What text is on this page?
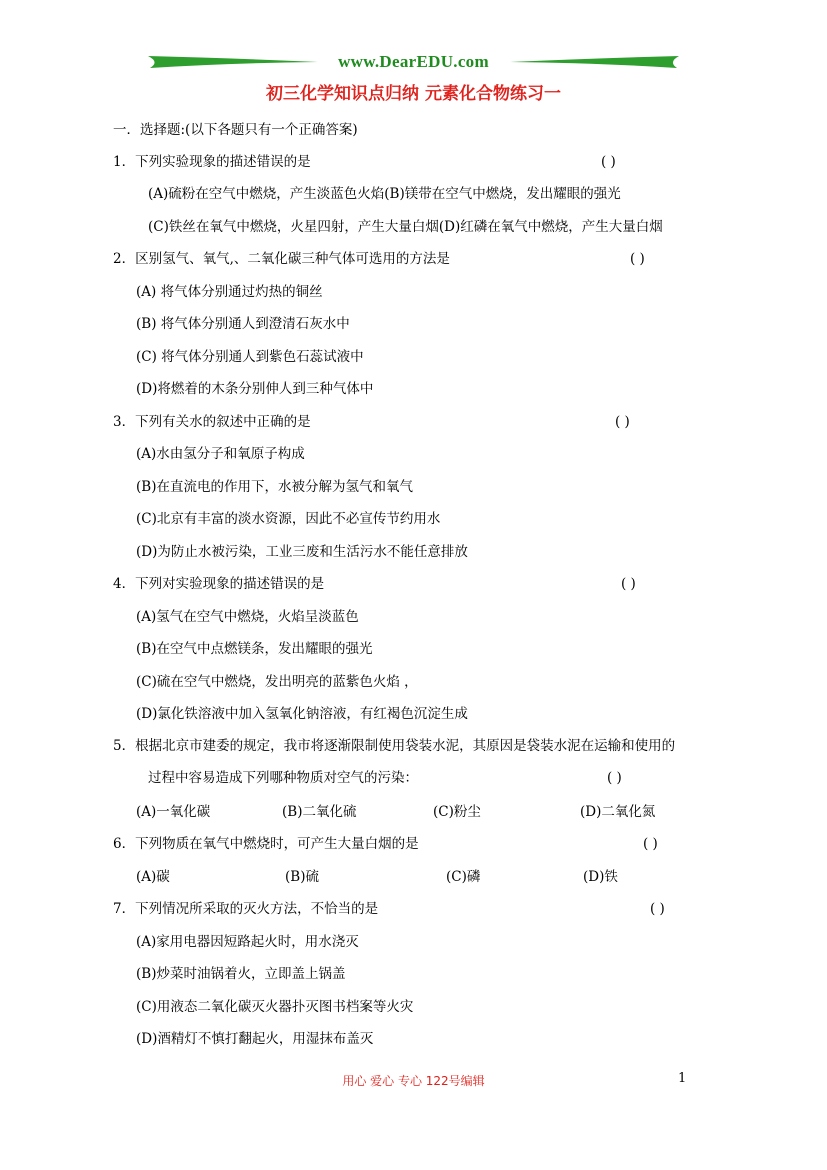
www.DearEDU.com
初三化学知识点归纳 元素化合物练习一
一．选择题:(以下各题只有一个正确答案)
1．下列实验现象的描述错误的是	( )
(A)硫粉在空气中燃烧，产生淡蓝色火焰(B)镁带在空气中燃烧，发出耀眼的强光
(C)铁丝在氧气中燃烧，火星四射，产生大量白烟(D)红磷在氧气中燃烧，产生大量白烟
2．区别氢气、氧气,、二氧化碳三种气体可选用的方法是	( )
(A) 将气体分别通过灼热的铜丝
(B) 将气体分别通人到澄清石灰水中
(C) 将气体分别通人到紫色石蕊试液中
(D)将燃着的木条分别伸人到三种气体中
3．下列有关水的叙述中正确的是	( )
(A)水由氢分子和氧原子构成
(B)在直流电的作用下，水被分解为氢气和氧气
(C)北京有丰富的淡水资源，因此不必宣传节约用水
(D)为防止水被污染，工业三废和生活污水不能任意排放
4．下列对实验现象的描述错误的是	( )
(A)氢气在空气中燃烧，火焰呈淡蓝色
(B)在空气中点燃镁条，发出耀眼的强光
(C)硫在空气中燃烧，发出明亮的蓝紫色火焰 ，
(D)氯化铁溶液中加入氢氧化钠溶液，有红褐色沉淀生成
5．根据北京市建委的规定，我市将逐渐限制使用袋装水泥，其原因是袋装水泥在运输和使用的
过程中容易造成下列哪种物质对空气的污染：	( )
(A)一氧化碳	(B)二氧化硫	(C)粉尘	(D)二氧化氮
6．下列物质在氧气中燃烧时，可产生大量白烟的是	( )
(A)碳	(B)硫	(C)磷	(D)铁
7．下列情况所采取的灭火方法，不恰当的是	( )
(A)家用电器因短路起火时，用水浇灭
(B)炒菜时油锅着火，立即盖上锅盖
(C)用液态二氧化碳灭火器扑灭图书档案等火灾
(D)酒精灯不慎打翻起火，用湿抹布盖灭
用心 爱心 专心 122号编辑	1
